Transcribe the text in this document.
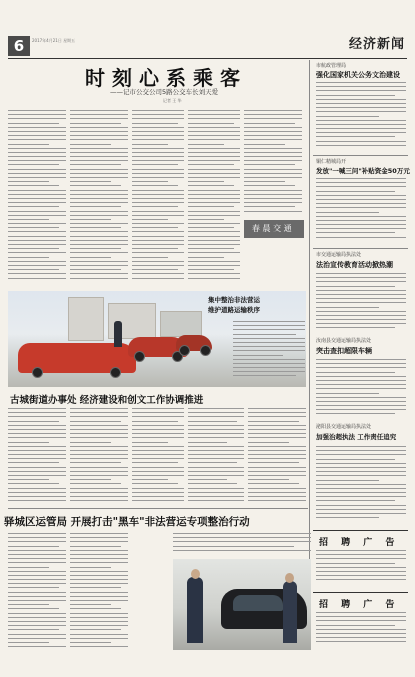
6	2017年4月21日 星期五	经济新闻
时刻心系乘客
——记市公交公司5路公交车长刘天爱
记者 王 华
春 晨 交 通
市航政管理局
强化国家机关公务文治建设
铜仁精城局开
发放"一喊三问"补贴资金50万元
集中整治非法营运
维护道路运输秩序
市交通运输局执法处
法治宣传教育活动掀热潮
汝南县交通运输局执法处
突击查扣超限车辆
泌阳县交通运输局执法处
加强治超执法 工作责任追究
古城街道办事处 经济建设和创文工作协调推进
驿城区运管局 开展打击"黑车"非法营运专项整治行动
招 聘 广 告
招 聘 广 告
